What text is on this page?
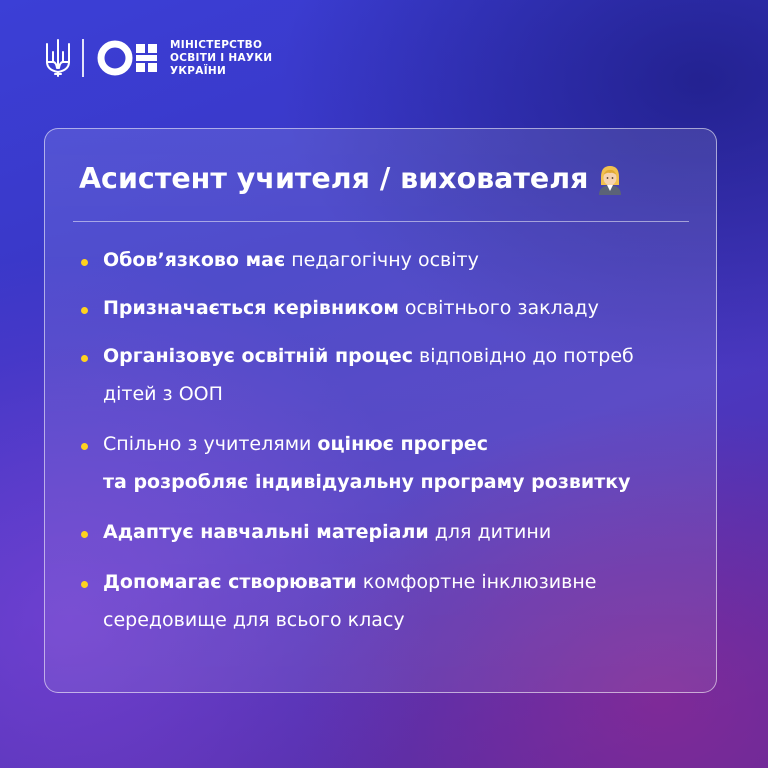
МІНІСТЕРСТВО
ОСВІТИ І НАУКИ
УКРАЇНИ
Асистент учителя / вихователя
Обов’язково має педагогічну освіту
Призначається керівником освітнього закладу
Організовує освітній процес відповідно до потреб
дітей з ООП
Спільно з учителями оцінює прогрес
та розробляє індивідуальну програму розвитку
Адаптує навчальні матеріали для дитини
Допомагає створювати комфортне інклюзивне
середовище для всього класу
